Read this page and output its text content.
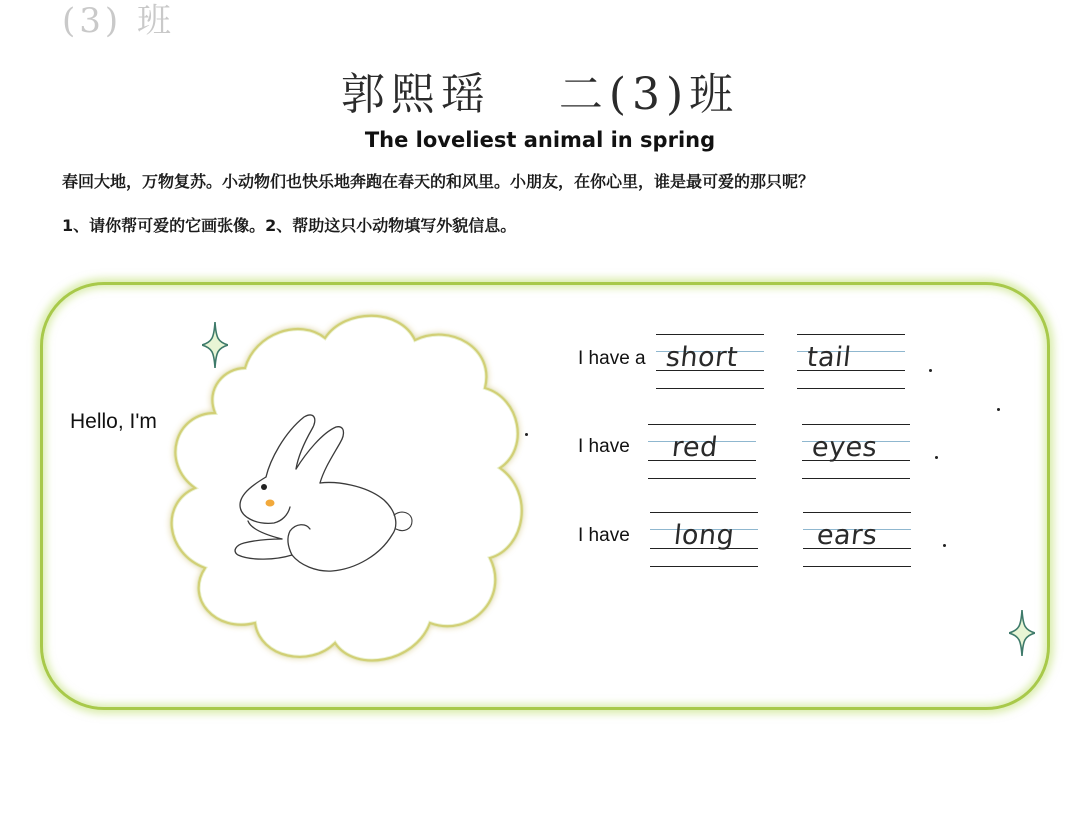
(3) 班
郭熙瑶 二(3)班
The loveliest animal in spring
春回大地，万物复苏。小动物们也快乐地奔跑在春天的和风里。小朋友，在你心里，谁是最可爱的那只呢？
1、请你帮可爱的它画张像。2、帮助这只小动物填写外貌信息。
Hello, I'm
I have a short tail
I have red	eyes
I have long	ears
